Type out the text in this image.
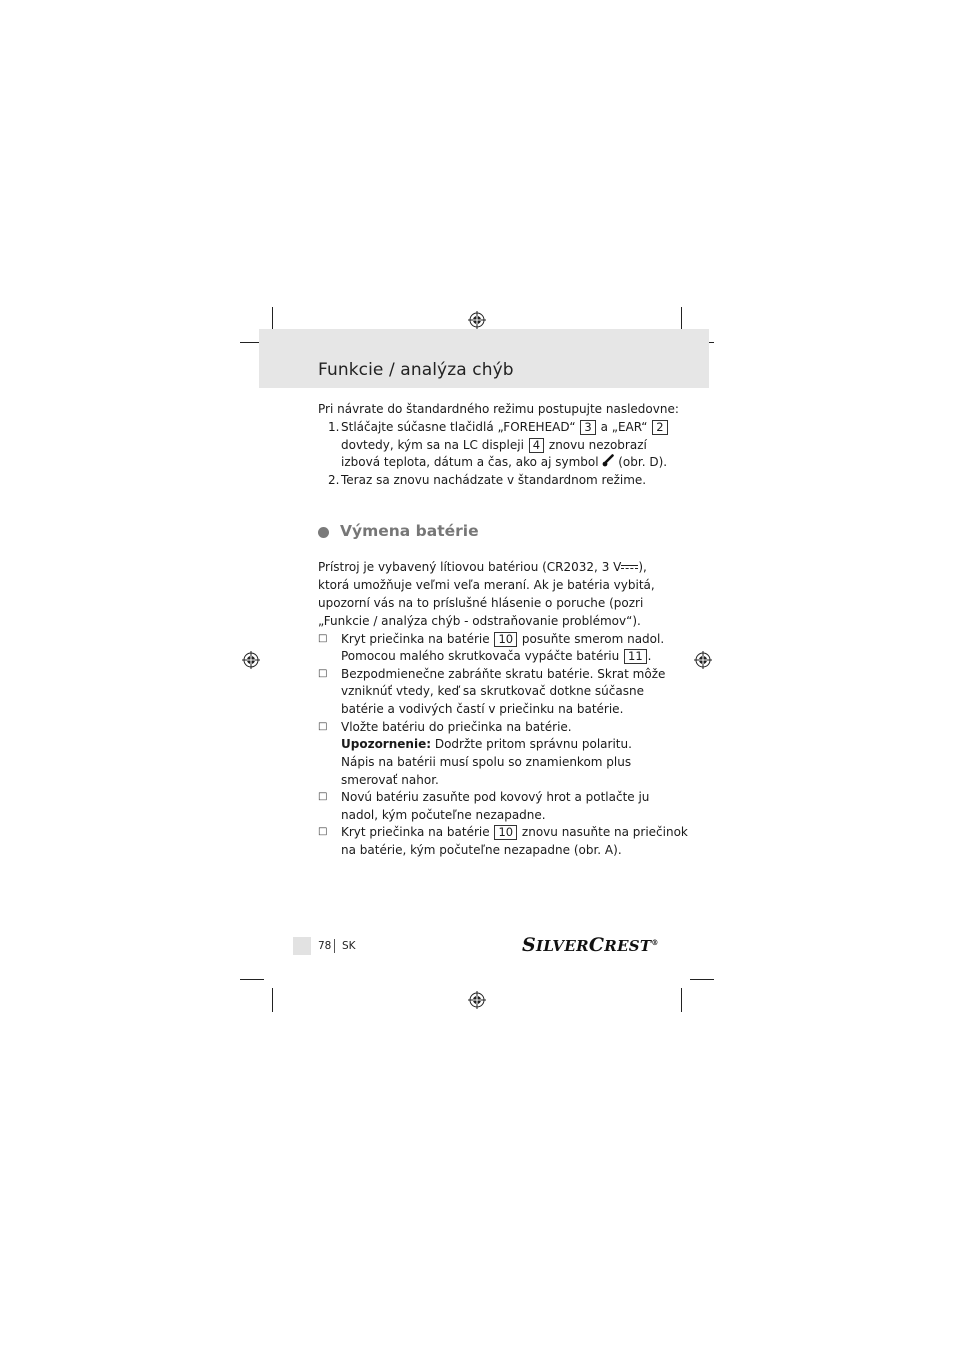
Funkcie / analýza chýb
Pri návrate do štandardného režimu postupujte nasledovne:
1. Stláčajte súčasne tlačidlá „FOREHEAD“ 3 a „EAR“ 2
dovtedy, kým sa na LC displeji 4 znovu nezobrazí
izbová teplota, dátum a čas, ako aj symbol (obr. D).
2. Teraz sa znovu nachádzate v štandardnom režime.
Výmena batérie
Prístroj je vybavený lítiovou batériou (CR2032, 3 V ),
ktorá umožňuje veľmi veľa meraní. Ak je batéria vybitá,
upozorní vás na to príslušné hlásenie o poruche (pozri
„Funkcie / analýza chýb - odstraňovanie problémov“).
□ Kryt priečinka na batérie 10 posuňte smerom nadol.
Pomocou malého skrutkovača vypáčte batériu 11 .
□ Bezpodmienečne zabráňte skratu batérie. Skrat môže
vzniknúť vtedy, keď sa skrutkovač dotkne súčasne
batérie a vodivých častí v priečinku na batérie.
□ Vložte batériu do priečinka na batérie.
Upozornenie: Dodržte pritom správnu polaritu.
Nápis na batérii musí spolu so znamienkom plus
smerovať nahor.
□ Novú batériu zasuňte pod kovový hrot a potlačte ju
nadol, kým počuteľne nezapadne.
□ Kryt priečinka na batérie 10 znovu nasuňte na priečinok
na batérie, kým počuteľne nezapadne (obr. A).
78 SK	SILVERCREST®
